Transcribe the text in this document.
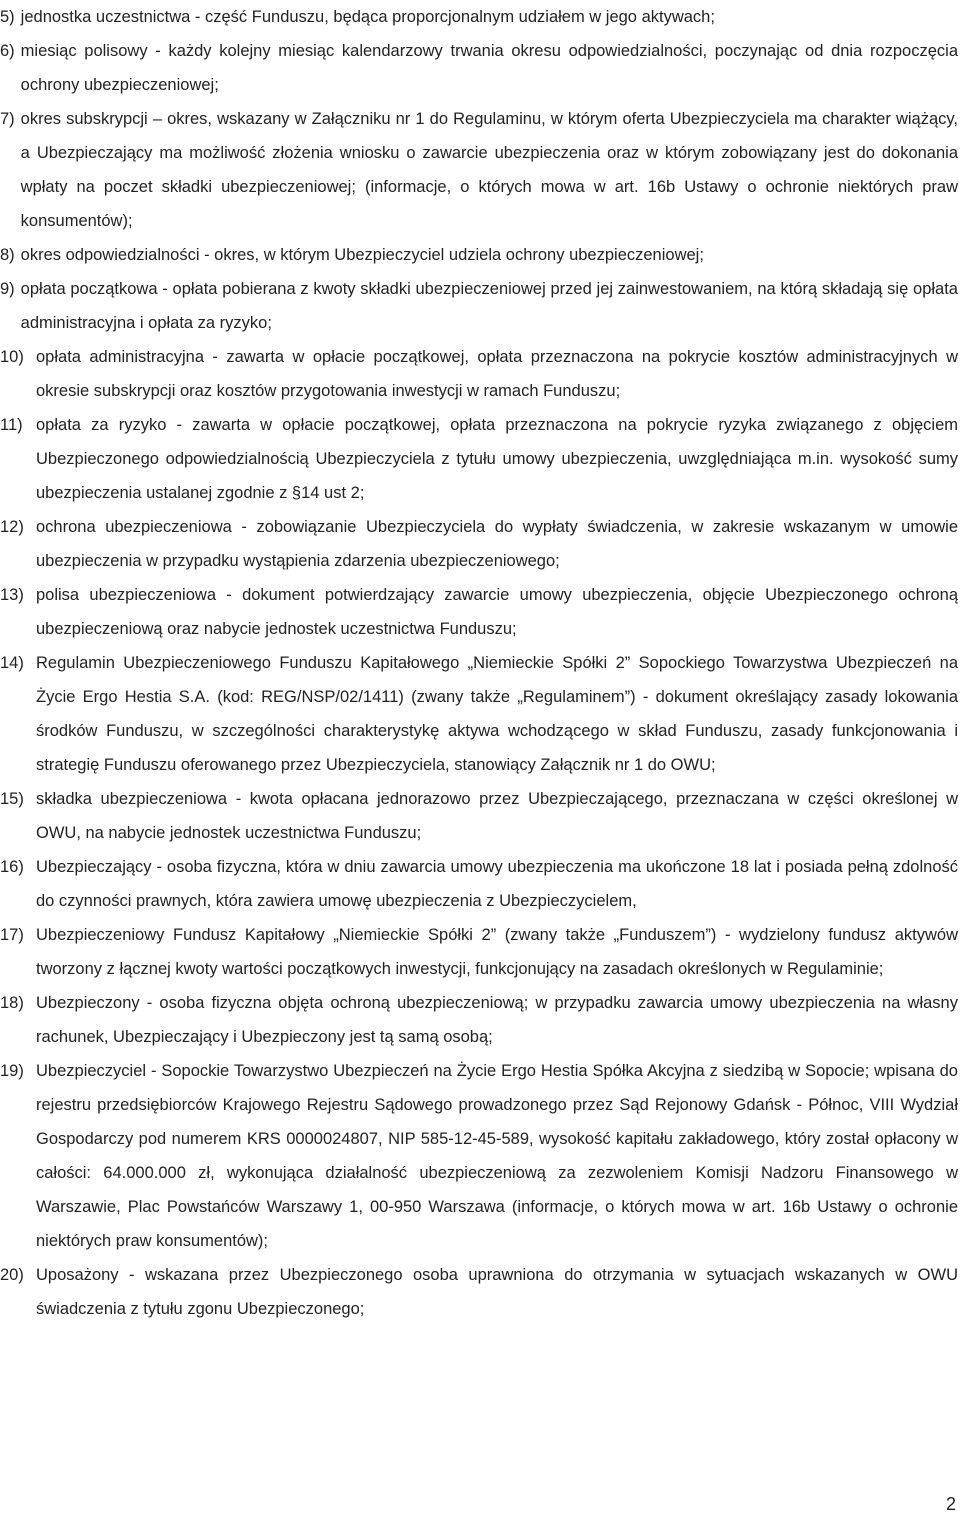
5) jednostka uczestnictwa - część Funduszu, będąca proporcjonalnym udziałem w jego aktywach;
6) miesiąc polisowy - każdy kolejny miesiąc kalendarzowy trwania okresu odpowiedzialności, poczynając od dnia rozpoczęcia ochrony ubezpieczeniowej;
7) okres subskrypcji – okres, wskazany w Załączniku nr 1 do Regulaminu, w którym oferta Ubezpieczyciela ma charakter wiążący, a Ubezpieczający ma możliwość złożenia wniosku o zawarcie ubezpieczenia oraz w którym zobowiązany jest do dokonania wpłaty na poczet składki ubezpieczeniowej; (informacje, o których mowa w art. 16b Ustawy o ochronie niektórych praw konsumentów);
8) okres odpowiedzialności - okres, w którym Ubezpieczyciel udziela ochrony ubezpieczeniowej;
9) opłata początkowa - opłata pobierana z kwoty składki ubezpieczeniowej przed jej zainwestowaniem, na którą składają się opłata administracyjna i opłata za ryzyko;
10) opłata administracyjna - zawarta w opłacie początkowej, opłata przeznaczona na pokrycie kosztów administracyjnych w okresie subskrypcji oraz kosztów przygotowania inwestycji w ramach Funduszu;
11) opłata za ryzyko - zawarta w opłacie początkowej, opłata przeznaczona na pokrycie ryzyka związanego z objęciem Ubezpieczonego odpowiedzialnością Ubezpieczyciela z tytułu umowy ubezpieczenia, uwzględniająca m.in. wysokość sumy ubezpieczenia ustalanej zgodnie z §14 ust 2;
12) ochrona ubezpieczeniowa - zobowiązanie Ubezpieczyciela do wypłaty świadczenia, w zakresie wskazanym w umowie ubezpieczenia w przypadku wystąpienia zdarzenia ubezpieczeniowego;
13) polisa ubezpieczeniowa - dokument potwierdzający zawarcie umowy ubezpieczenia, objęcie Ubezpieczonego ochroną ubezpieczeniową oraz nabycie jednostek uczestnictwa Funduszu;
14) Regulamin Ubezpieczeniowego Funduszu Kapitałowego „Niemieckie Spółki 2” Sopockiego Towarzystwa Ubezpieczeń na Życie Ergo Hestia S.A. (kod: REG/NSP/02/1411) (zwany także „Regulaminem”) - dokument określający zasady lokowania środków Funduszu, w szczególności charakterystykę aktywa wchodzącego w skład Funduszu, zasady funkcjonowania i strategię Funduszu oferowanego przez Ubezpieczyciela, stanowiący Załącznik nr 1 do OWU;
15) składka ubezpieczeniowa - kwota opłacana jednorazowo przez Ubezpieczającego, przeznaczana w części określonej w OWU, na nabycie jednostek uczestnictwa Funduszu;
16) Ubezpieczający - osoba fizyczna, która w dniu zawarcia umowy ubezpieczenia ma ukończone 18 lat i posiada pełną zdolność do czynności prawnych, która zawiera umowę ubezpieczenia z Ubezpieczycielem,
17) Ubezpieczeniowy Fundusz Kapitałowy „Niemieckie Spółki 2” (zwany także „Funduszem”) - wydzielony fundusz aktywów tworzony z łącznej kwoty wartości początkowych inwestycji, funkcjonujący na zasadach określonych w Regulaminie;
18) Ubezpieczony - osoba fizyczna objęta ochroną ubezpieczeniową; w przypadku zawarcia umowy ubezpieczenia na własny rachunek, Ubezpieczający i Ubezpieczony jest tą samą osobą;
19) Ubezpieczyciel - Sopockie Towarzystwo Ubezpieczeń na Życie Ergo Hestia Spółka Akcyjna z siedzibą w Sopocie; wpisana do rejestru przedsiębiorców Krajowego Rejestru Sądowego prowadzonego przez Sąd Rejonowy Gdańsk - Północ, VIII Wydział Gospodarczy pod numerem KRS 0000024807, NIP 585-12-45-589, wysokość kapitału zakładowego, który został opłacony w całości: 64.000.000 zł, wykonująca działalność ubezpieczeniową za zezwoleniem Komisji Nadzoru Finansowego w Warszawie, Plac Powstańców Warszawy 1, 00-950 Warszawa (informacje, o których mowa w art. 16b Ustawy o ochronie niektórych praw konsumentów);
20) Uposażony - wskazana przez Ubezpieczonego osoba uprawniona do otrzymania w sytuacjach wskazanych w OWU świadczenia z tytułu zgonu Ubezpieczonego;
2
